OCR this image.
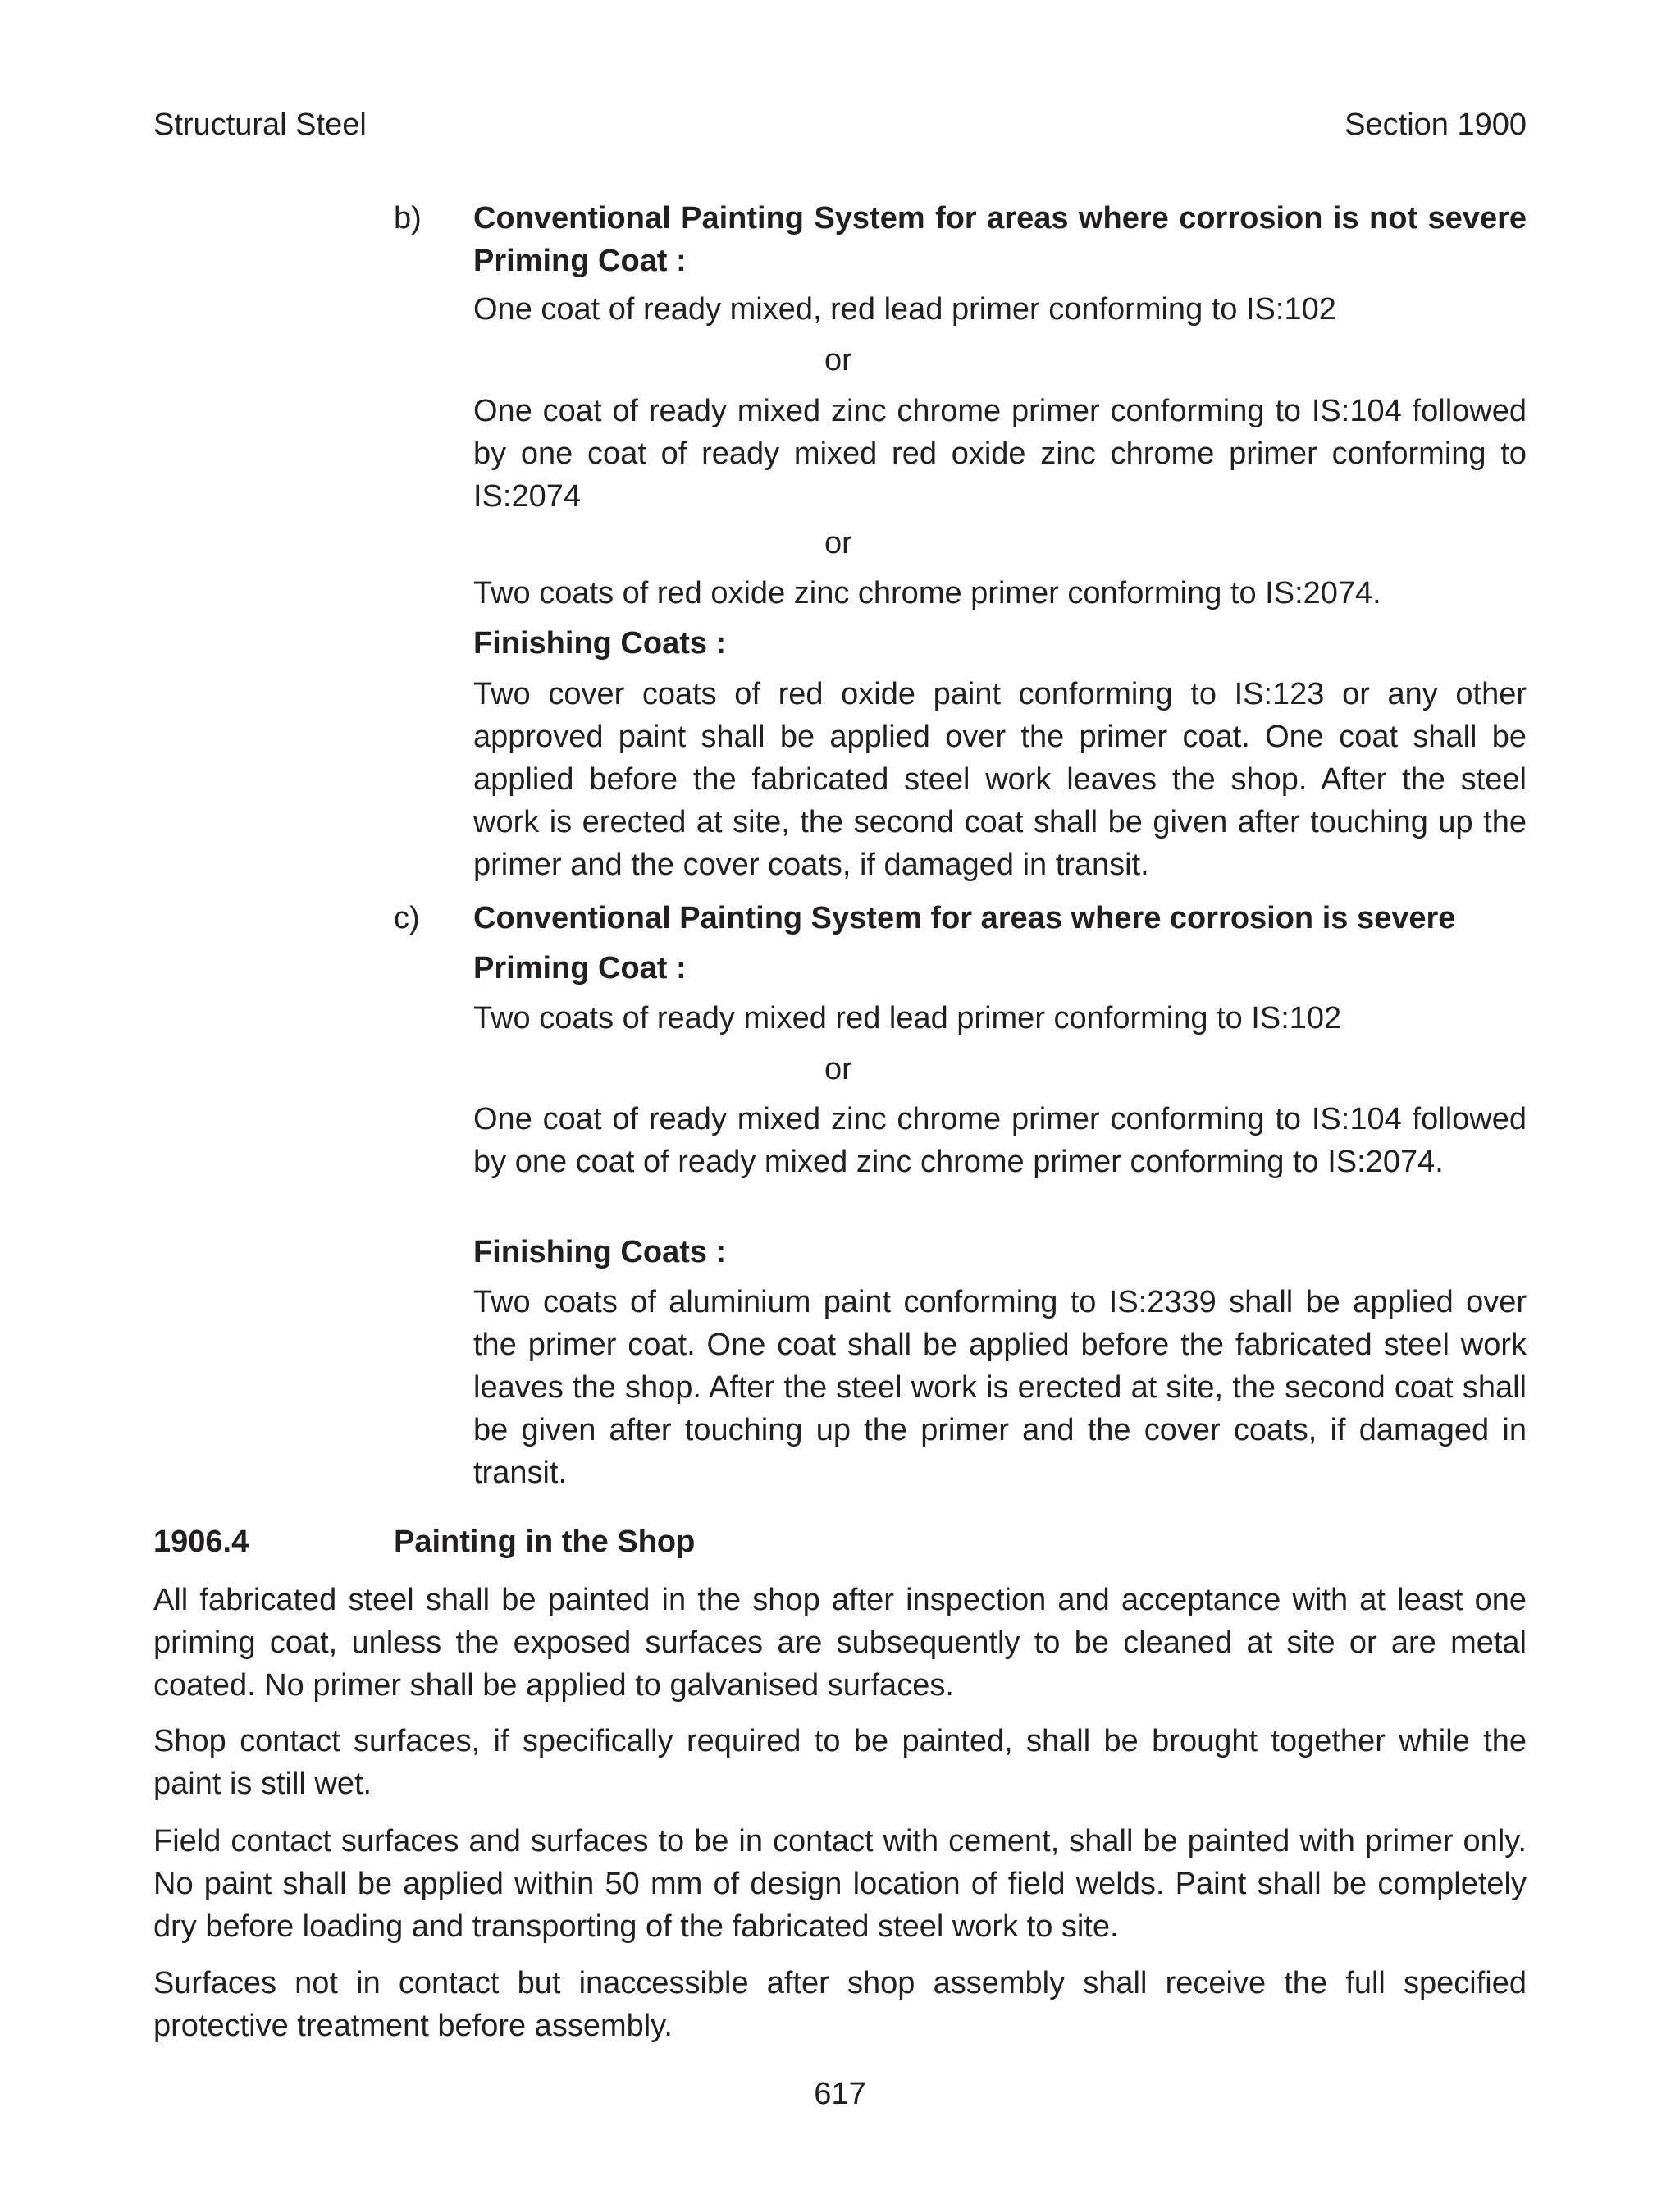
Structural Steel	Section 1900
b) Conventional Painting System for areas where corrosion is not severe Priming Coat :

One coat of ready mixed, red lead primer conforming to IS:102

or

One coat of ready mixed zinc chrome primer conforming to IS:104 followed by one coat of ready mixed red oxide zinc chrome primer conforming to IS:2074

or

Two coats of red oxide zinc chrome primer conforming to IS:2074.

Finishing Coats :

Two cover coats of red oxide paint conforming to IS:123 or any other approved paint shall be applied over the primer coat. One coat shall be applied before the fabricated steel work leaves the shop. After the steel work is erected at site, the second coat shall be given after touching up the primer and the cover coats, if damaged in transit.

c) Conventional Painting System for areas where corrosion is severe

Priming Coat :

Two coats of ready mixed red lead primer conforming to IS:102

or

One coat of ready mixed zinc chrome primer conforming to IS:104 followed by one coat of ready mixed zinc chrome primer conforming to IS:2074.

Finishing Coats :

Two coats of aluminium paint conforming to IS:2339 shall be applied over the primer coat. One coat shall be applied before the fabricated steel work leaves the shop. After the steel work is erected at site, the second coat shall be given after touching up the primer and the cover coats, if damaged in transit.

1906.4	Painting in the Shop

All fabricated steel shall be painted in the shop after inspection and acceptance with at least one priming coat, unless the exposed surfaces are subsequently to be cleaned at site or are metal coated. No primer shall be applied to galvanised surfaces.

Shop contact surfaces, if specifically required to be painted, shall be brought together while the paint is still wet.

Field contact surfaces and surfaces to be in contact with cement, shall be painted with primer only. No paint shall be applied within 50 mm of design location of field welds. Paint shall be completely dry before loading and transporting of the fabricated steel work to site.

Surfaces not in contact but inaccessible after shop assembly shall receive the full specified protective treatment before assembly.

617
